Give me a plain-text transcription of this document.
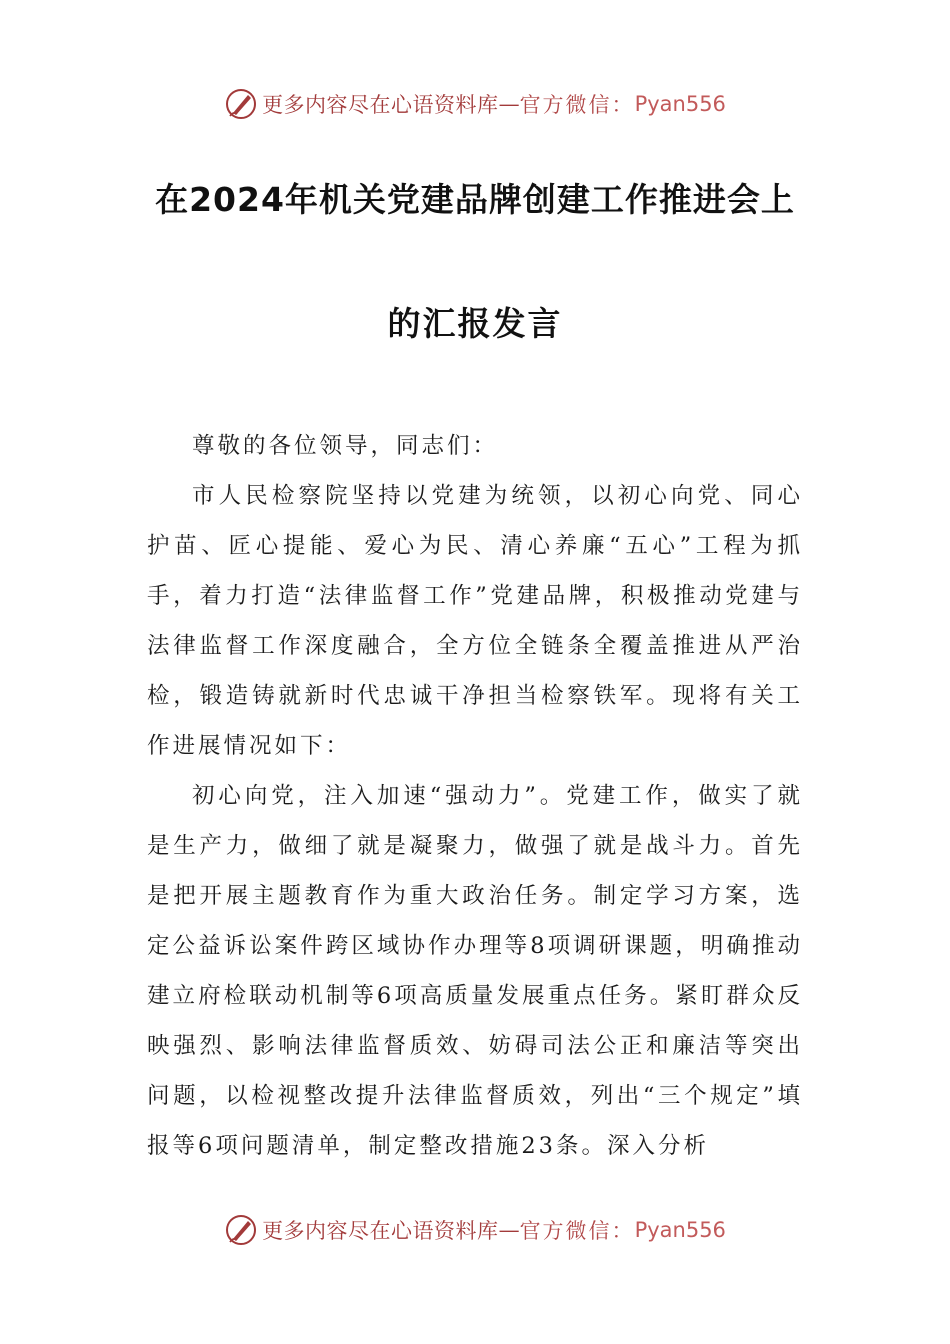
更多内容尽在心语资料库 — 官方微信： Pyan556
在2024年机关党建品牌创建工作推进会上
的汇报发言

尊敬的各位领导，同志们：

市人民检察院坚持以党建为统领，以初心向党、同心护苗、匠心提能、爱心为民、清心养廉“五心”工程为抓手，着力打造“法律监督工作”党建品牌，积极推动党建与法律监督工作深度融合，全方位全链条全覆盖推进从严治检，锻造铸就新时代忠诚干净担当检察铁军。现将有关工作进展情况如下：

初心向党，注入加速“强动力”。党建工作，做实了就是生产力，做细了就是凝聚力，做强了就是战斗力。首先是把开展主题教育作为重大政治任务。制定学习方案，选定公益诉讼案件跨区域协作办理等8项调研课题，明确推动建立府检联动机制等6项高质量发展重点任务。紧盯群众反映强烈、影响法律监督质效、妨碍司法公正和廉洁等突出问题，以检视整改提升法律监督质效，列出“三个规定”填报等6项问题清单，制定整改措施23条。深入分析

更多内容尽在心语资料库 — 官方微信： Pyan556
